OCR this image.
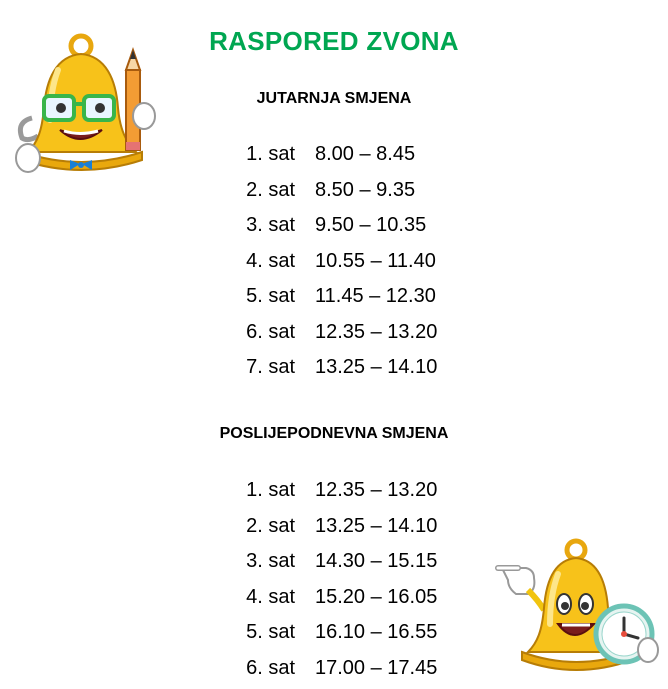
RASPORED ZVONA
JUTARNJA SMJENA
1. sat 8.00 – 8.45
2. sat 8.50 – 9.35
3. sat 9.50 – 10.35
4. sat 10.55 – 11.40
5. sat 11.45 – 12.30
6. sat 12.35 – 13.20
7. sat 13.25 – 14.10
POSLIJEPODNEVNA SMJENA
1. sat 12.35 – 13.20
2. sat 13.25 – 14.10
3. sat 14.30 – 15.15
4. sat 15.20 – 16.05
5. sat 16.10 – 16.55
6. sat 17.00 – 17.45
